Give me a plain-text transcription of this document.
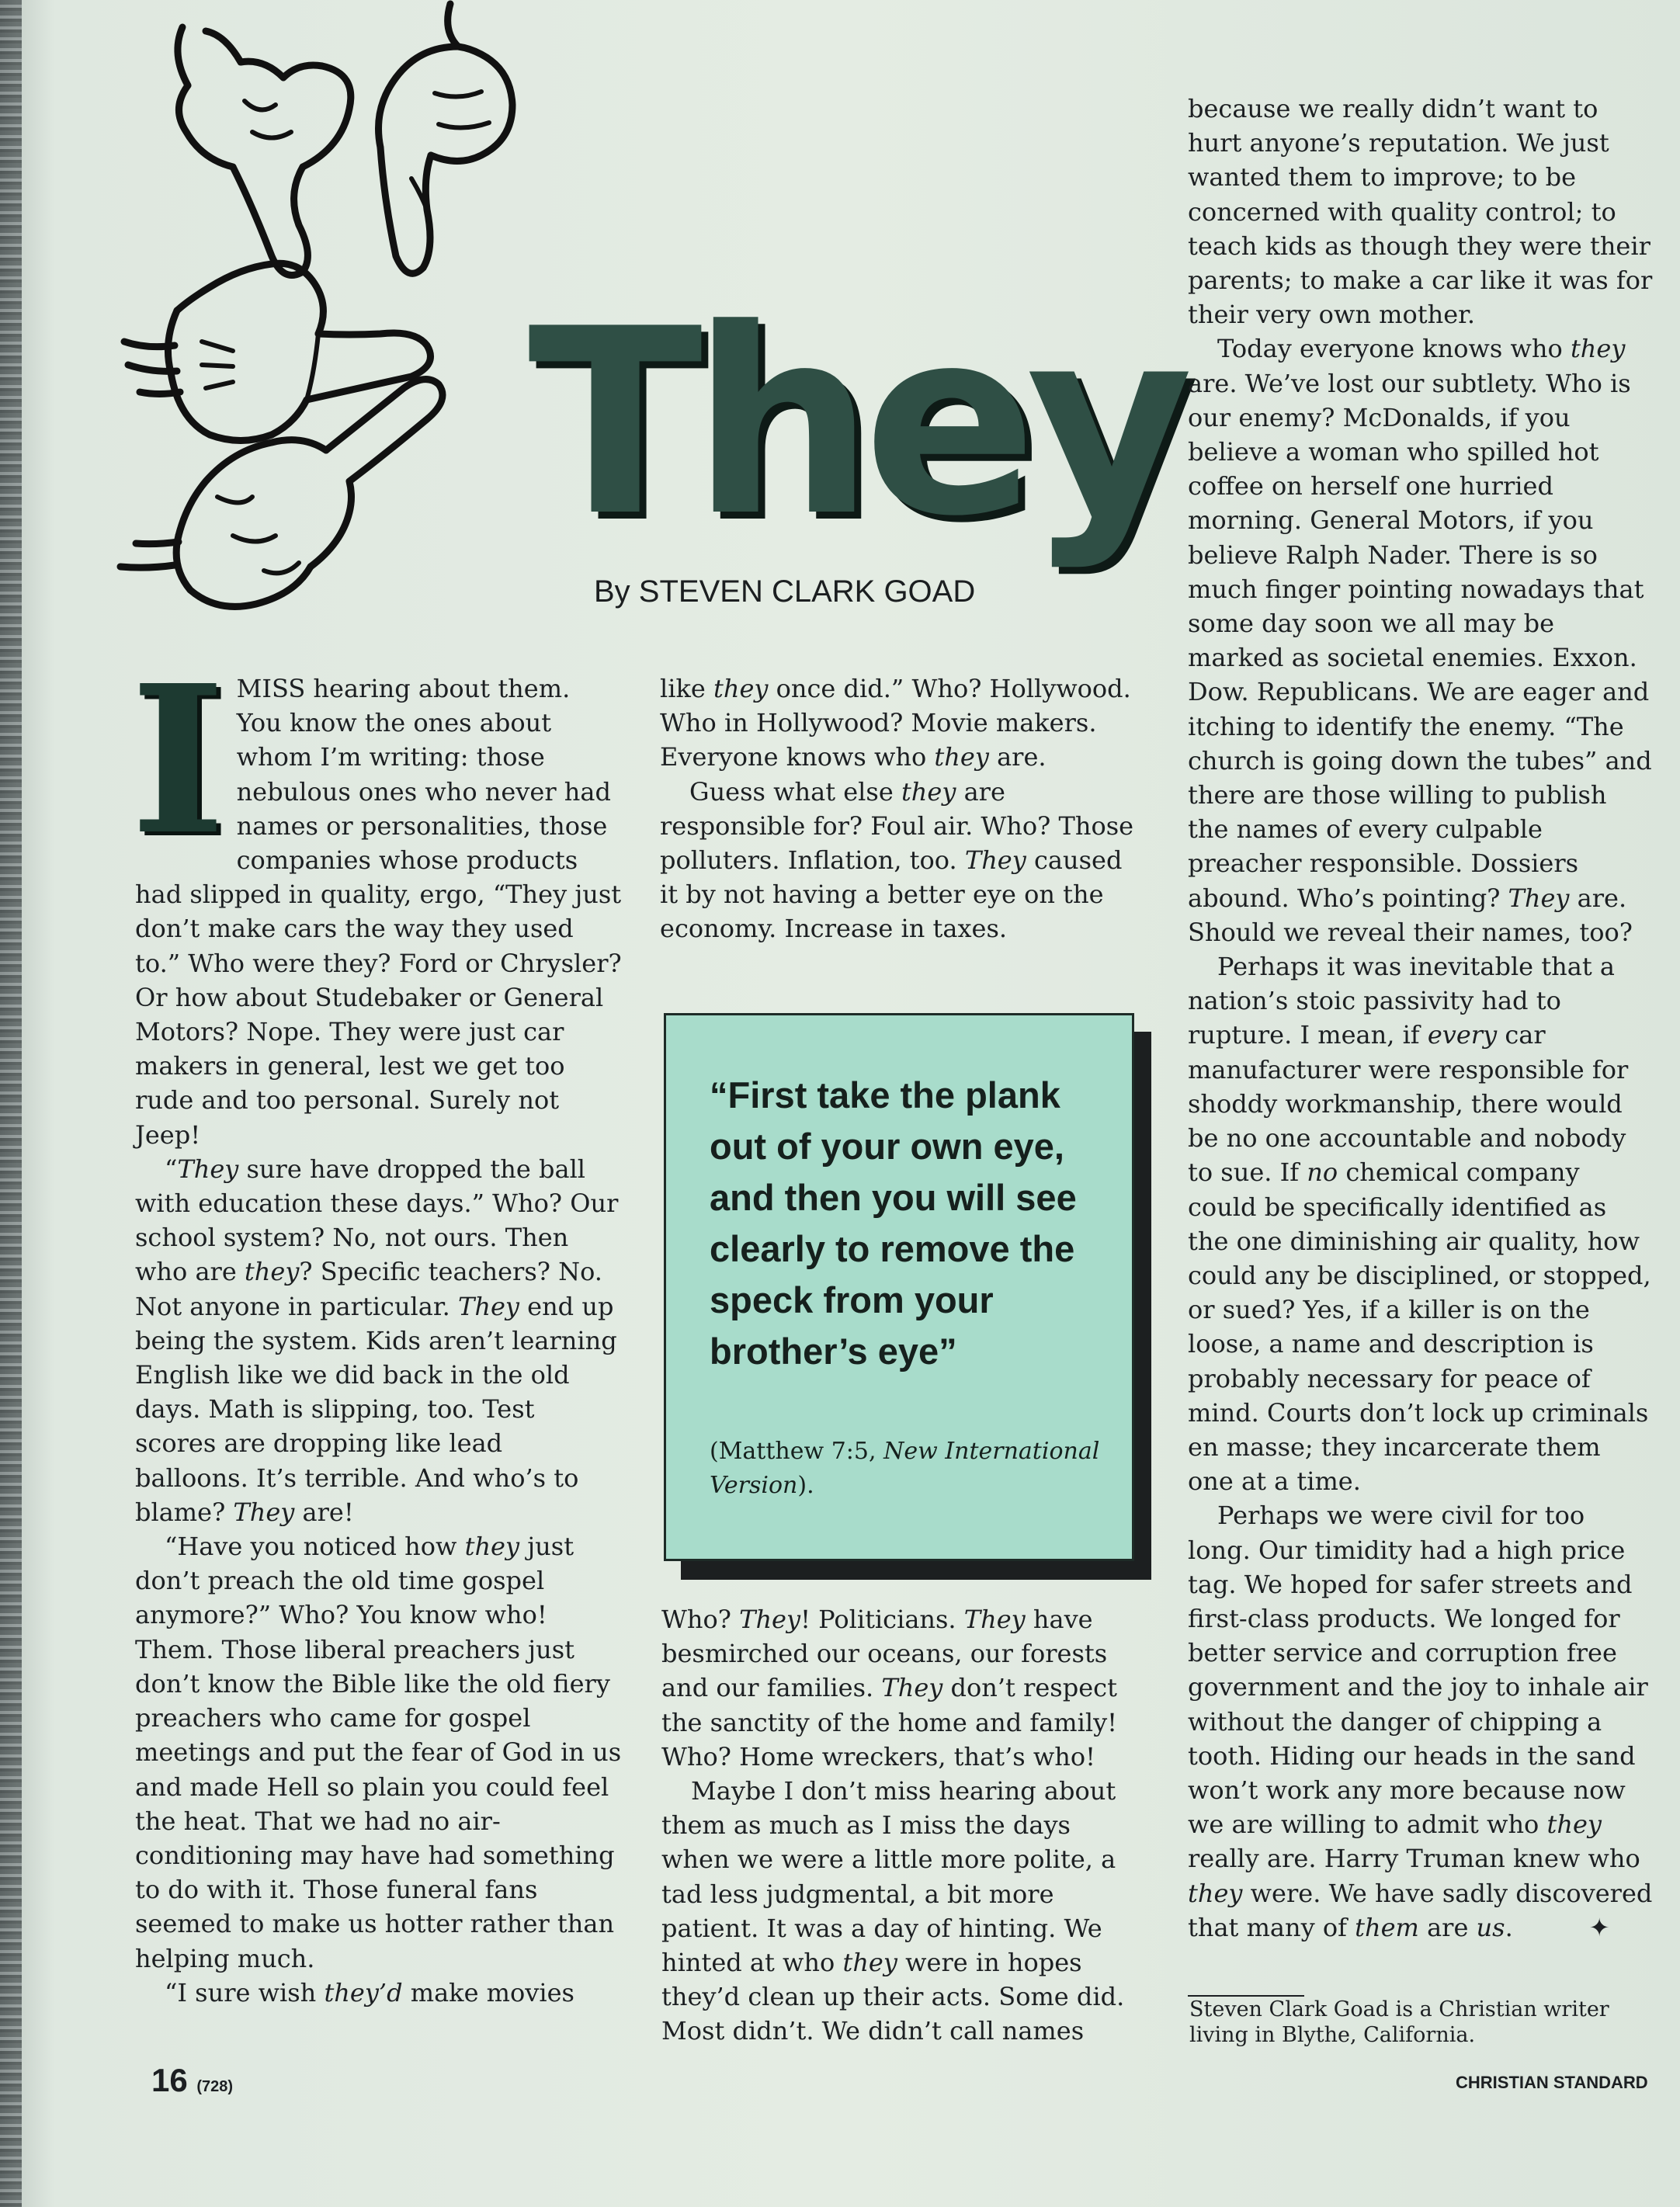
They

By STEVEN CLARK GOAD

I MISS hearing about them. You know the ones about whom I’m writing: those nebulous ones who never had names or personalities, those companies whose products had slipped in quality, ergo, “They just don’t make cars the way they used to.” Who were they? Ford or Chrysler? Or how about Studebaker or General Motors? Nope. They were just car makers in general, lest we get too rude and too personal. Surely not Jeep!

“They sure have dropped the ball with education these days.” Who? Our school system? No, not ours. Then who are they? Specific teachers? No. Not anyone in particular. They end up being the system. Kids aren’t learning English like we did back in the old days. Math is slipping, too. Test scores are dropping like lead balloons. It’s terrible. And who’s to blame? They are!

“Have you noticed how they just don’t preach the old time gospel anymore?” Who? You know who! Them. Those liberal preachers just don’t know the Bible like the old fiery preachers who came for gospel meetings and put the fear of God in us and made Hell so plain you could feel the heat. That we had no air-conditioning may have had something to do with it. Those funeral fans seemed to make us hotter rather than helping much.

“I sure wish they’d make movies

like they once did.” Who? Hollywood. Who in Hollywood? Movie makers. Everyone knows who they are.

Guess what else they are responsible for? Foul air. Who? Those polluters. Inflation, too. They caused it by not having a better eye on the economy. Increase in taxes.

“First take the plank out of your own eye, and then you will see clearly to remove the speck from your brother’s eye”

(Matthew 7:5, New International Version).

Who? They! Politicians. They have besmirched our oceans, our forests and our families. They don’t respect the sanctity of the home and family! Who? Home wreckers, that’s who!

Maybe I don’t miss hearing about them as much as I miss the days when we were a little more polite, a tad less judgmental, a bit more patient. It was a day of hinting. We hinted at who they were in hopes they’d clean up their acts. Some did. Most didn’t. We didn’t call names

because we really didn’t want to hurt anyone’s reputation. We just wanted them to improve; to be concerned with quality control; to teach kids as though they were their parents; to make a car like it was for their very own mother.

Today everyone knows who they are. We’ve lost our subtlety. Who is our enemy? McDonalds, if you believe a woman who spilled hot coffee on herself one hurried morning. General Motors, if you believe Ralph Nader. There is so much finger pointing nowadays that some day soon we all may be marked as societal enemies. Exxon. Dow. Republicans. We are eager and itching to identify the enemy. “The church is going down the tubes” and there are those willing to publish the names of every culpable preacher responsible. Dossiers abound. Who’s pointing? They are. Should we reveal their names, too?

Perhaps it was inevitable that a nation’s stoic passivity had to rupture. I mean, if every car manufacturer were responsible for shoddy workmanship, there would be no one accountable and nobody to sue. If no chemical company could be specifically identified as the one diminishing air quality, how could any be disciplined, or stopped, or sued? Yes, if a killer is on the loose, a name and description is probably necessary for peace of mind. Courts don’t lock up criminals en masse; they incarcerate them one at a time.

Perhaps we were civil for too long. Our timidity had a high price tag. We hoped for safer streets and first-class products. We longed for better service and corruption free government and the joy to inhale air without the danger of chipping a tooth. Hiding our heads in the sand won’t work any more because now we are willing to admit who they really are. Harry Truman knew who they were. We have sadly discovered that many of them are us.	✦

Steven Clark Goad is a Christian writer living in Blythe, California.

16 (728)	CHRISTIAN STANDARD
